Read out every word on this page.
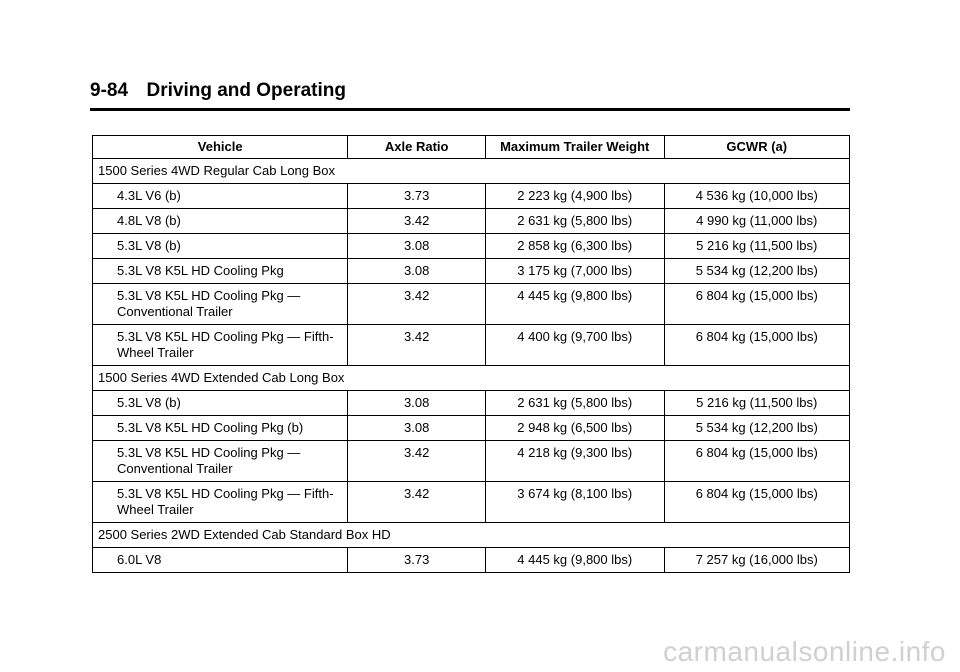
9-84 Driving and Operating
Vehicle	Axle Ratio	Maximum Trailer Weight	GCWR (a)
1500 Series 4WD Regular Cab Long Box			
4.3L V6 (b)	3.73	2 223 kg (4,900 lbs)	4 536 kg (10,000 lbs)
4.8L V8 (b)	3.42	2 631 kg (5,800 lbs)	4 990 kg (11,000 lbs)
5.3L V8 (b)	3.08	2 858 kg (6,300 lbs)	5 216 kg (11,500 lbs)
5.3L V8 K5L HD Cooling Pkg	3.08	3 175 kg (7,000 lbs)	5 534 kg (12,200 lbs)
5.3L V8 K5L HD Cooling Pkg — Conventional Trailer	3.42	4 445 kg (9,800 lbs)	6 804 kg (15,000 lbs)
5.3L V8 K5L HD Cooling Pkg — Fifth-Wheel Trailer	3.42	4 400 kg (9,700 lbs)	6 804 kg (15,000 lbs)
1500 Series 4WD Extended Cab Long Box			
5.3L V8 (b)	3.08	2 631 kg (5,800 lbs)	5 216 kg (11,500 lbs)
5.3L V8 K5L HD Cooling Pkg (b)	3.08	2 948 kg (6,500 lbs)	5 534 kg (12,200 lbs)
5.3L V8 K5L HD Cooling Pkg — Conventional Trailer	3.42	4 218 kg (9,300 lbs)	6 804 kg (15,000 lbs)
5.3L V8 K5L HD Cooling Pkg — Fifth-Wheel Trailer	3.42	3 674 kg (8,100 lbs)	6 804 kg (15,000 lbs)
2500 Series 2WD Extended Cab Standard Box HD			
6.0L V8	3.73	4 445 kg (9,800 lbs)	7 257 kg (16,000 lbs)
carmanualsonline.info
